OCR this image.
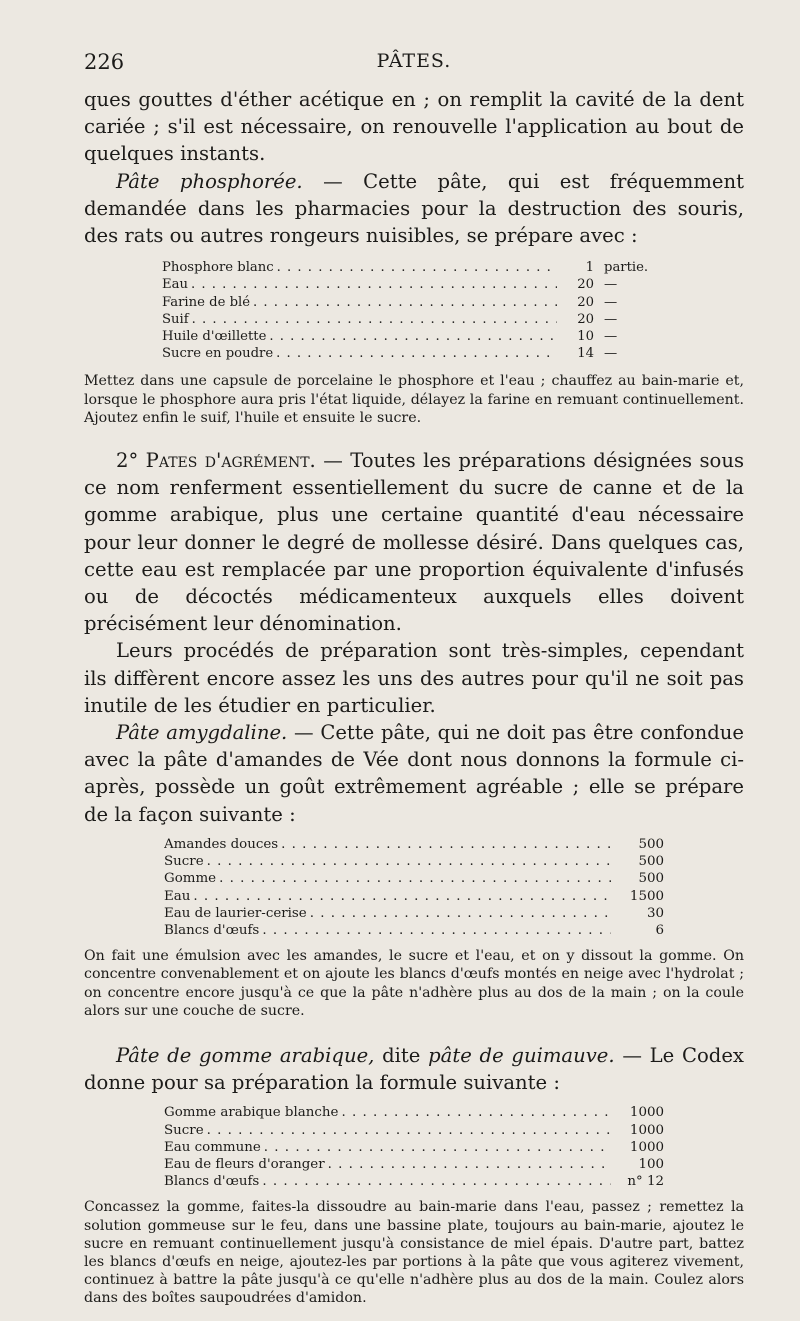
226	PÂTES.

ques gouttes d'éther acétique en ; on remplit la cavité de la dent cariée ; s'il est nécessaire, on renouvelle l'application au bout de quelques instants.

Pâte phosphorée. — Cette pâte, qui est fréquemment demandée dans les pharmacies pour la destruction des souris, des rats ou autres rongeurs nuisibles, se prépare avec :

Phosphore blanc . . .	1 partie.
Eau . . .	20 —
Farine de blé . . .	20 —
Suif . . .	20 —
Huile d'œillette . . .	10 —
Sucre en poudre . . .	14 —

Mettez dans une capsule de porcelaine le phosphore et l'eau ; chauffez au bain-marie et, lorsque le phosphore aura pris l'état liquide, délayez la farine en remuant continuellement. Ajoutez enfin le suif, l'huile et ensuite le sucre.

2° Pates d'agrément. — Toutes les préparations désignées sous ce nom renferment essentiellement du sucre de canne et de la gomme arabique, plus une certaine quantité d'eau nécessaire pour leur donner le degré de mollesse désiré. Dans quelques cas, cette eau est remplacée par une proportion équivalente d'infusés ou de décoctés médicamenteux auxquels elles doivent précisément leur dénomination.

Leurs procédés de préparation sont très-simples, cependant ils diffèrent encore assez les uns des autres pour qu'il ne soit pas inutile de les étudier en particulier.

Pâte amygdaline. — Cette pâte, qui ne doit pas être confondue avec la pâte d'amandes de Vée dont nous donnons la formule ci-après, possède un goût extrêmement agréable ; elle se prépare de la façon suivante :

Amandes douces . . .	500
Sucre . . .	500
Gomme . . .	500
Eau . . .	1500
Eau de laurier-cerise . . .	30
Blancs d'œufs . . .	6

On fait une émulsion avec les amandes, le sucre et l'eau, et on y dissout la gomme. On concentre convenablement et on ajoute les blancs d'œufs montés en neige avec l'hydrolat ; on concentre encore jusqu'à ce que la pâte n'adhère plus au dos de la main ; on la coule alors sur une couche de sucre.

Pâte de gomme arabique, dite pâte de guimauve. — Le Codex donne pour sa préparation la formule suivante :

Gomme arabique blanche . . .	1000
Sucre . . .	1000
Eau commune . . .	1000
Eau de fleurs d'oranger . . .	100
Blancs d'œufs . . .	n° 12

Concassez la gomme, faites-la dissoudre au bain-marie dans l'eau, passez ; remettez la solution gommeuse sur le feu, dans une bassine plate, toujours au bain-marie, ajoutez le sucre en remuant continuellement jusqu'à consistance de miel épais. D'autre part, battez les blancs d'œufs en neige, ajoutez-les par portions à la pâte que vous agiterez vivement, continuez à battre la pâte jusqu'à ce qu'elle n'adhère plus au dos de la main. Coulez alors dans des boîtes saupoudrées d'amidon.
